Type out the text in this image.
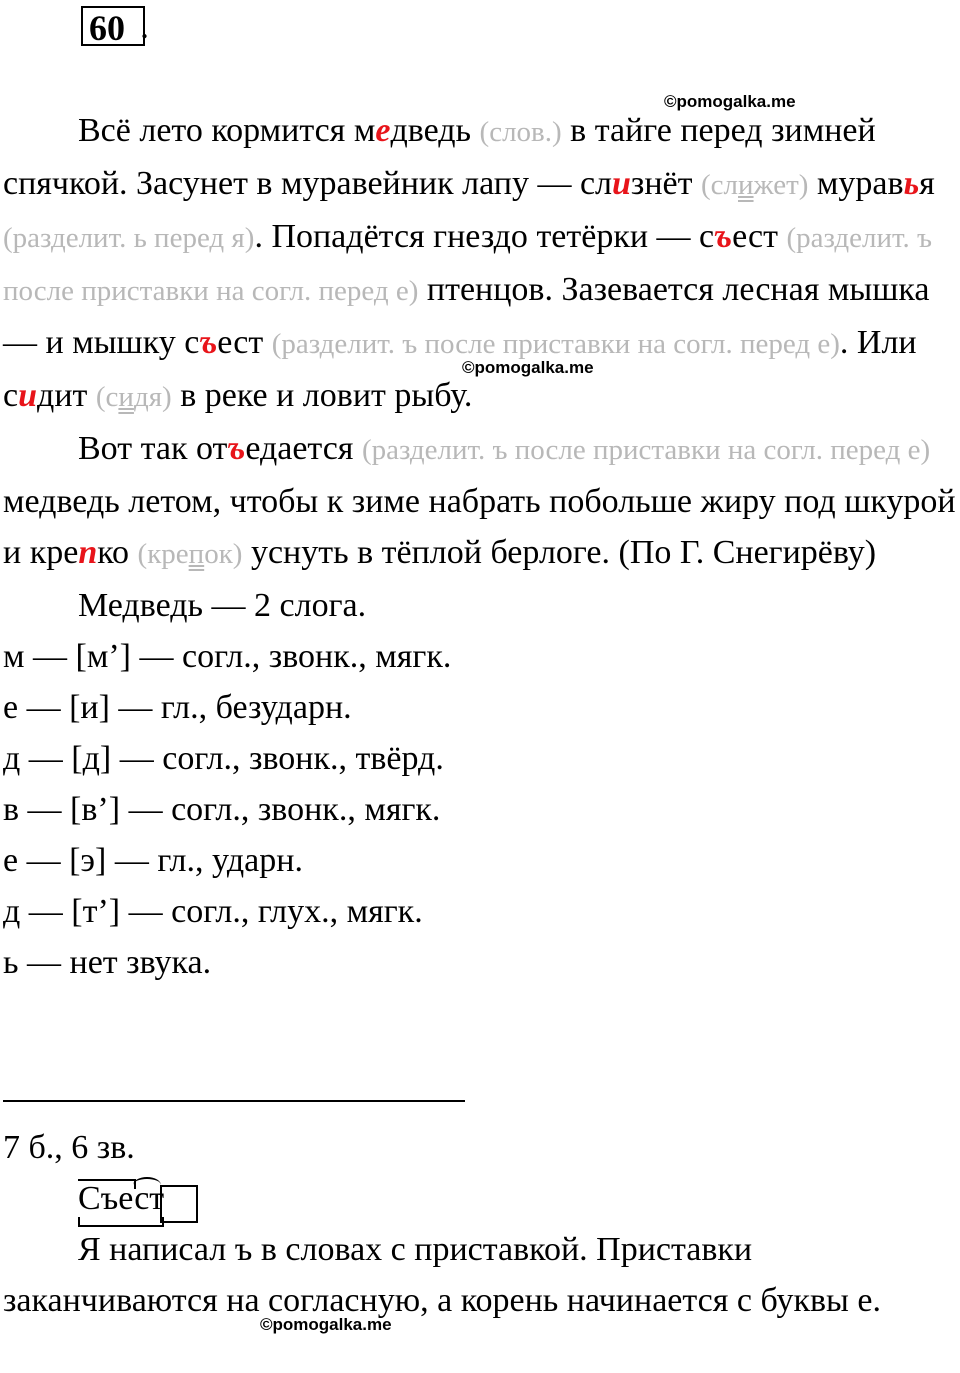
60 .
©pomogalka.me
©pomogalka.me
©pomogalka.me

Всё лето кормится медведь (слов.) в тайге перед зимней спячкой. Засунет в муравейник лапу — слизнёт (слижет) муравья (разделит. ь перед я). Попадётся гнездо тетёрки — съест (разделит. ъ после приставки на согл. перед е) птенцов. Зазевается лесная мышка — и мышку съест (разделит. ъ после приставки на согл. перед е). Или сидит (сидя) в реке и ловит рыбу.

Вот так отъедается (разделит. ъ после приставки на согл. перед е) медведь летом, чтобы к зиме набрать побольше жиру под шкурой и крепко (крепок) уснуть в тёплой берлоге. (По Г. Снегирёву)

Медведь — 2 слога.

м — [м’] — согл., звонк., мягк.

е — [и] — гл., безударн.

д — [д] — согл., звонк., твёрд.

в — [в’] — согл., звонк., мягк.

е — [э] — гл., ударн.

д — [т’] — согл., глух., мягк.

ь — нет звука.

7 б., 6 зв.

Съест

Я написал ъ в словах с приставкой. Приставки заканчиваются на согласную, а корень начинается с буквы е.
